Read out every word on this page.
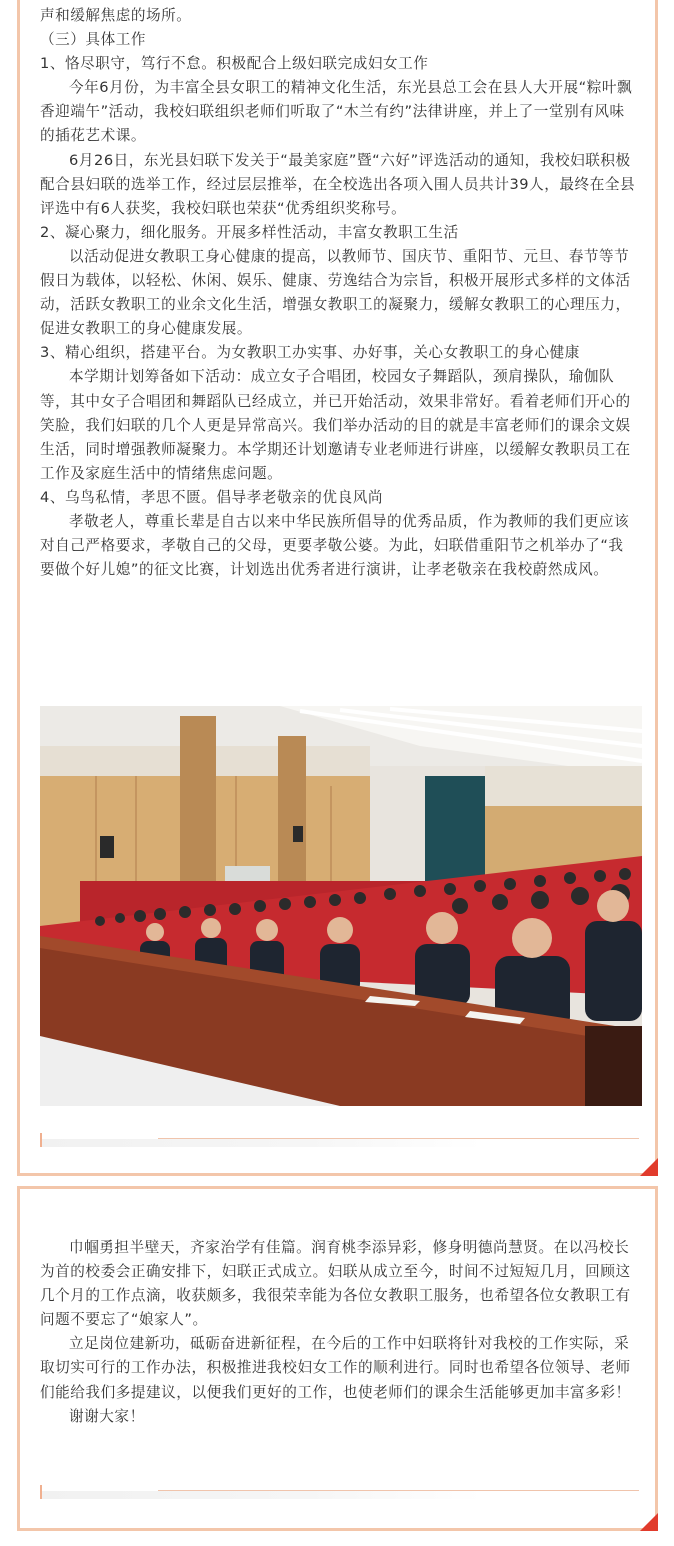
声和缓解焦虑的场所。

（三）具体工作

1、恪尽职守，笃行不怠。积极配合上级妇联完成妇女工作

今年6月份，为丰富全县女职工的精神文化生活，东光县总工会在县人大开展“粽叶飘香迎端午”活动，我校妇联组织老师们听取了“木兰有约”法律讲座，并上了一堂别有风味的插花艺术课。

6月26日，东光县妇联下发关于“最美家庭”暨“六好”评选活动的通知，我校妇联积极配合县妇联的选举工作，经过层层推举，在全校选出各项入围人员共计39人，最终在全县评选中有6人获奖，我校妇联也荣获“优秀组织奖称号。

2、凝心聚力，细化服务。开展多样性活动，丰富女教职工生活

以活动促进女教职工身心健康的提高，以教师节、国庆节、重阳节、元旦、春节等节假日为载体，以轻松、休闲、娱乐、健康、劳逸结合为宗旨，积极开展形式多样的文体活动，活跃女教职工的业余文化生活，增强女教职工的凝聚力，缓解女教职工的心理压力，促进女教职工的身心健康发展。

3、精心组织，搭建平台。为女教职工办实事、办好事，关心女教职工的身心健康

本学期计划筹备如下活动：成立女子合唱团，校园女子舞蹈队，颈肩操队，瑜伽队等，其中女子合唱团和舞蹈队已经成立，并已开始活动，效果非常好。看着老师们开心的笑脸，我们妇联的几个人更是异常高兴。我们举办活动的目的就是丰富老师们的课余文娱生活，同时增强教师凝聚力。本学期还计划邀请专业老师进行讲座，以缓解女教职员工在工作及家庭生活中的情绪焦虑问题。

4、乌鸟私情，孝思不匮。倡导孝老敬亲的优良风尚

孝敬老人，尊重长辈是自古以来中华民族所倡导的优秀品质，作为教师的我们更应该对自己严格要求，孝敬自己的父母，更要孝敬公婆。为此，妇联借重阳节之机举办了“我要做个好儿媳”的征文比赛，计划选出优秀者进行演讲，让孝老敬亲在我校蔚然成风。

巾帼勇担半壁天，齐家治学有佳篇。润育桃李添异彩，修身明德尚慧贤。在以冯校长为首的校委会正确安排下，妇联正式成立。妇联从成立至今，时间不过短短几月，回顾这几个月的工作点滴，收获颇多，我很荣幸能为各位女教职工服务，也希望各位女教职工有问题不要忘了“娘家人”。

立足岗位建新功，砥砺奋进新征程，在今后的工作中妇联将针对我校的工作实际，采取切实可行的工作办法，积极推进我校妇女工作的顺利进行。同时也希望各位领导、老师们能给我们多提建议，以便我们更好的工作，也使老师们的课余生活能够更加丰富多彩！

谢谢大家！
